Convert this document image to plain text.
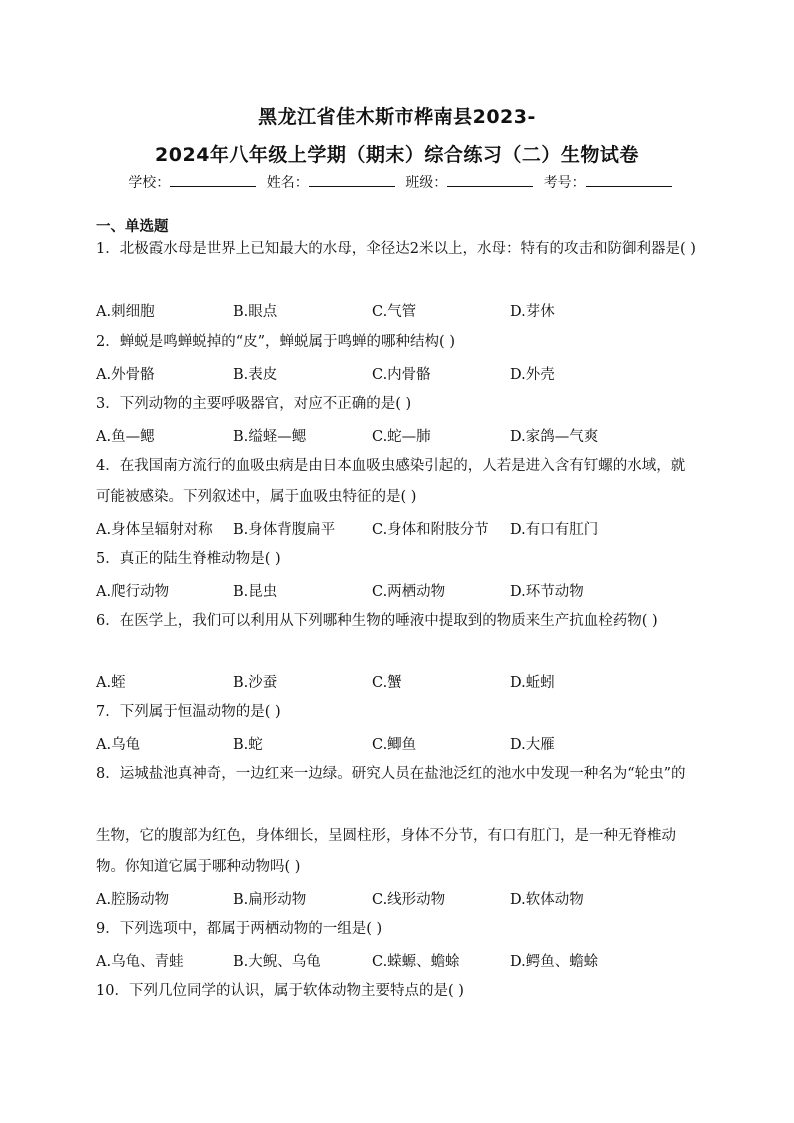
黑龙江省佳木斯市桦南县2023-
2024年八年级上学期（期末）综合练习（二）生物试卷
学校：	姓名：	班级：	考号：
一、单选题
1．北极霞水母是世界上已知最大的水母，伞径达2米以上，水母：特有的攻击和防御利器是( )
A.刺细胞	B.眼点	C.气管	D.芽休
2．蝉蜕是鸣蝉蜕掉的“皮”，蝉蜕属于鸣蝉的哪种结构( )
A.外骨骼	B.表皮	C.内骨骼	D.外壳
3．下列动物的主要呼吸器官，对应不正确的是( )
A.鱼—鳃	B.缢蛏—鳃	C.蛇—肺	D.家鸽—气爽
4．在我国南方流行的血吸虫病是由日本血吸虫感染引起的，人若是进入含有钉螺的水域，就可能被感染。下列叙述中，属于血吸虫特征的是( )
A.身体呈辐射对称 B.身体背腹扁平	C.身体和附肢分节 D.有口有肛门
5．真正的陆生脊椎动物是( )
A.爬行动物	B.昆虫	C.两栖动物	D.环节动物
6．在医学上，我们可以利用从下列哪种生物的唾液中提取到的物质来生产抗血栓药物( )
A.蛭	B.沙蚕	C.蟹	D.蚯蚓
7．下列属于恒温动物的是( )
A.乌龟	B.蛇	C.鲫鱼	D.大雁
8．运城盐池真神奇，一边红来一边绿。研究人员在盐池泛红的池水中发现一种名为“轮虫”的
生物，它的腹部为红色，身体细长，呈圆柱形，身体不分节，有口有肛门，是一种无脊椎动物。你知道它属于哪种动物吗( )
A.腔肠动物	B.扁形动物	C.线形动物	D.软体动物
9．下列选项中，都属于两栖动物的一组是( )
A.乌龟、青蛙	B.大鲵、乌龟	C.蝾螈、蟾蜍	D.鳄鱼、蟾蜍
10．下列几位同学的认识，属于软体动物主要特点的是( )
